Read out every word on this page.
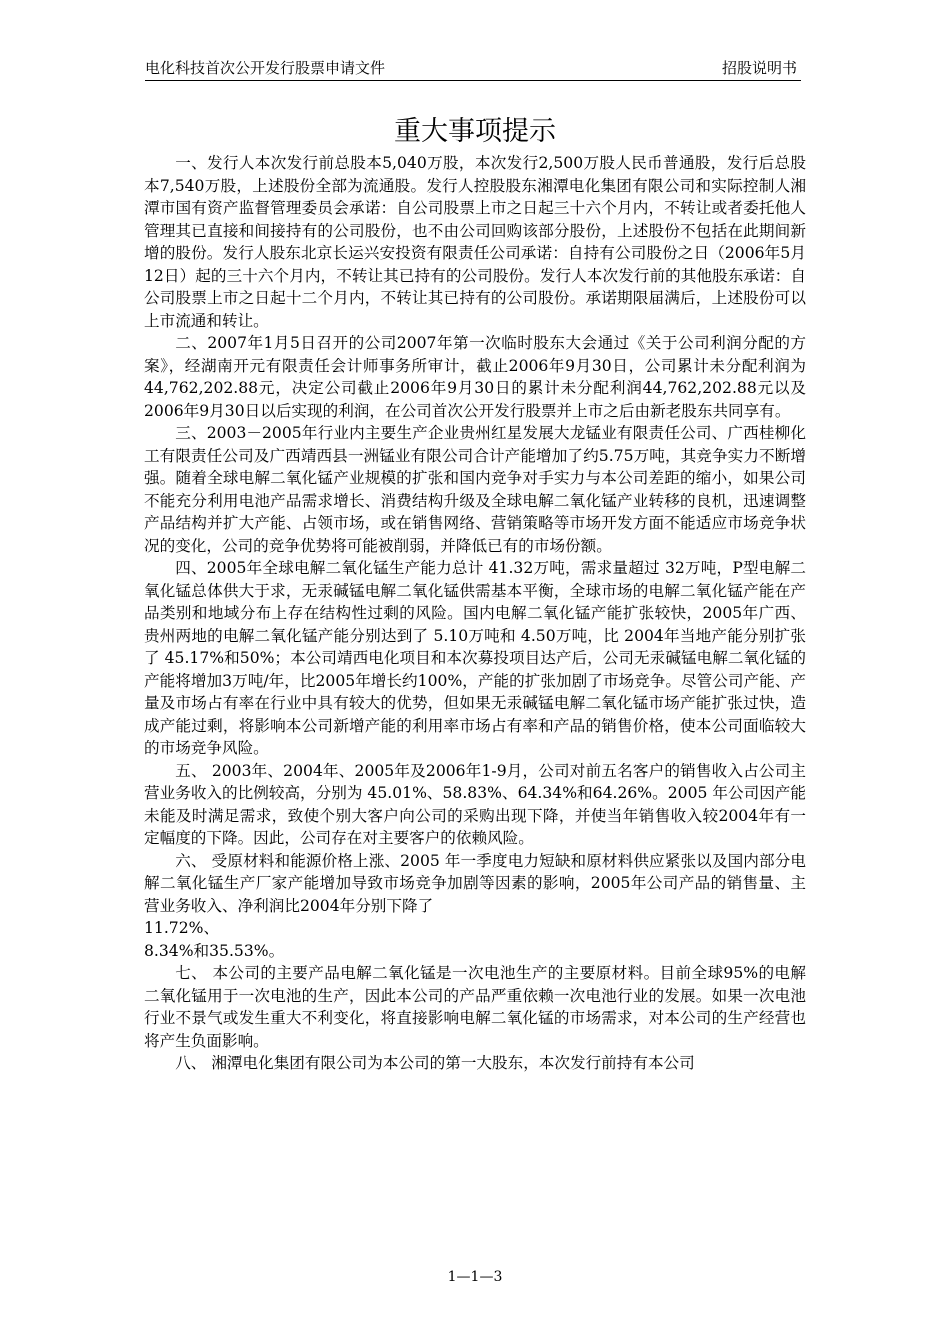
电化科技首次公开发行股票申请文件	招股说明书
重大事项提示

一、发行人本次发行前总股本5,040万股，本次发行2,500万股人民币普通股，发行后总股本7,540万股，上述股份全部为流通股。发行人控股股东湘潭电化集团有限公司和实际控制人湘潭市国有资产监督管理委员会承诺：自公司股票上市之日起三十六个月内，不转让或者委托他人管理其已直接和间接持有的公司股份，也不由公司回购该部分股份，上述股份不包括在此期间新增的股份。发行人股东北京长运兴安投资有限责任公司承诺：自持有公司股份之日（2006年5月12日）起的三十六个月内，不转让其已持有的公司股份。发行人本次发行前的其他股东承诺：自公司股票上市之日起十二个月内，不转让其已持有的公司股份。承诺期限届满后，上述股份可以上市流通和转让。

二、2007年1月5日召开的公司2007年第一次临时股东大会通过《关于公司利润分配的方案》，经湖南开元有限责任会计师事务所审计，截止2006年9月30日，公司累计未分配利润为44,762,202.88元，决定公司截止2006年9月30日的累计未分配利润44,762,202.88元以及2006年9月30日以后实现的利润，在公司首次公开发行股票并上市之后由新老股东共同享有。

三、2003－2005年行业内主要生产企业贵州红星发展大龙锰业有限责任公司、广西桂柳化工有限责任公司及广西靖西县一洲锰业有限公司合计产能增加了约5.75万吨，其竞争实力不断增强。随着全球电解二氧化锰产业规模的扩张和国内竞争对手实力与本公司差距的缩小，如果公司不能充分利用电池产品需求增长、消费结构升级及全球电解二氧化锰产业转移的良机，迅速调整产品结构并扩大产能、占领市场，或在销售网络、营销策略等市场开发方面不能适应市场竞争状况的变化，公司的竞争优势将可能被削弱，并降低已有的市场份额。

四、2005年全球电解二氧化锰生产能力总计 41.32万吨，需求量超过 32万吨，P型电解二氧化锰总体供大于求，无汞碱锰电解二氧化锰供需基本平衡，全球市场的电解二氧化锰产能在产品类别和地域分布上存在结构性过剩的风险。国内电解二氧化锰产能扩张较快，2005年广西、贵州两地的电解二氧化锰产能分别达到了 5.10万吨和 4.50万吨，比 2004年当地产能分别扩张了 45.17%和50%；本公司靖西电化项目和本次募投项目达产后，公司无汞碱锰电解二氧化锰的产能将增加3万吨/年，比2005年增长约100%，产能的扩张加剧了市场竞争。尽管公司产能、产量及市场占有率在行业中具有较大的优势，但如果无汞碱锰电解二氧化锰市场产能扩张过快，造成产能过剩，将影响本公司新增产能的利用率市场占有率和产品的销售价格，使本公司面临较大的市场竞争风险。

五、 2003年、2004年、2005年及2006年1-9月，公司对前五名客户的销售收入占公司主营业务收入的比例较高，分别为 45.01%、58.83%、64.34%和64.26%。2005 年公司因产能未能及时满足需求，致使个别大客户向公司的采购出现下降，并使当年销售收入较2004年有一定幅度的下降。因此，公司存在对主要客户的依赖风险。

六、 受原材料和能源价格上涨、2005 年一季度电力短缺和原材料供应紧张以及国内部分电解二氧化锰生产厂家产能增加导致市场竞争加剧等因素的影响，2005年公司产品的销售量、主营业务收入、净利润比2004年分别下降了

11.72%、

8.34%和35.53%。

七、 本公司的主要产品电解二氧化锰是一次电池生产的主要原材料。目前全球95%的电解二氧化锰用于一次电池的生产，因此本公司的产品严重依赖一次电池行业的发展。如果一次电池行业不景气或发生重大不利变化，将直接影响电解二氧化锰的市场需求，对本公司的生产经营也将产生负面影响。

八、 湘潭电化集团有限公司为本公司的第一大股东，本次发行前持有本公司

1—1—3
